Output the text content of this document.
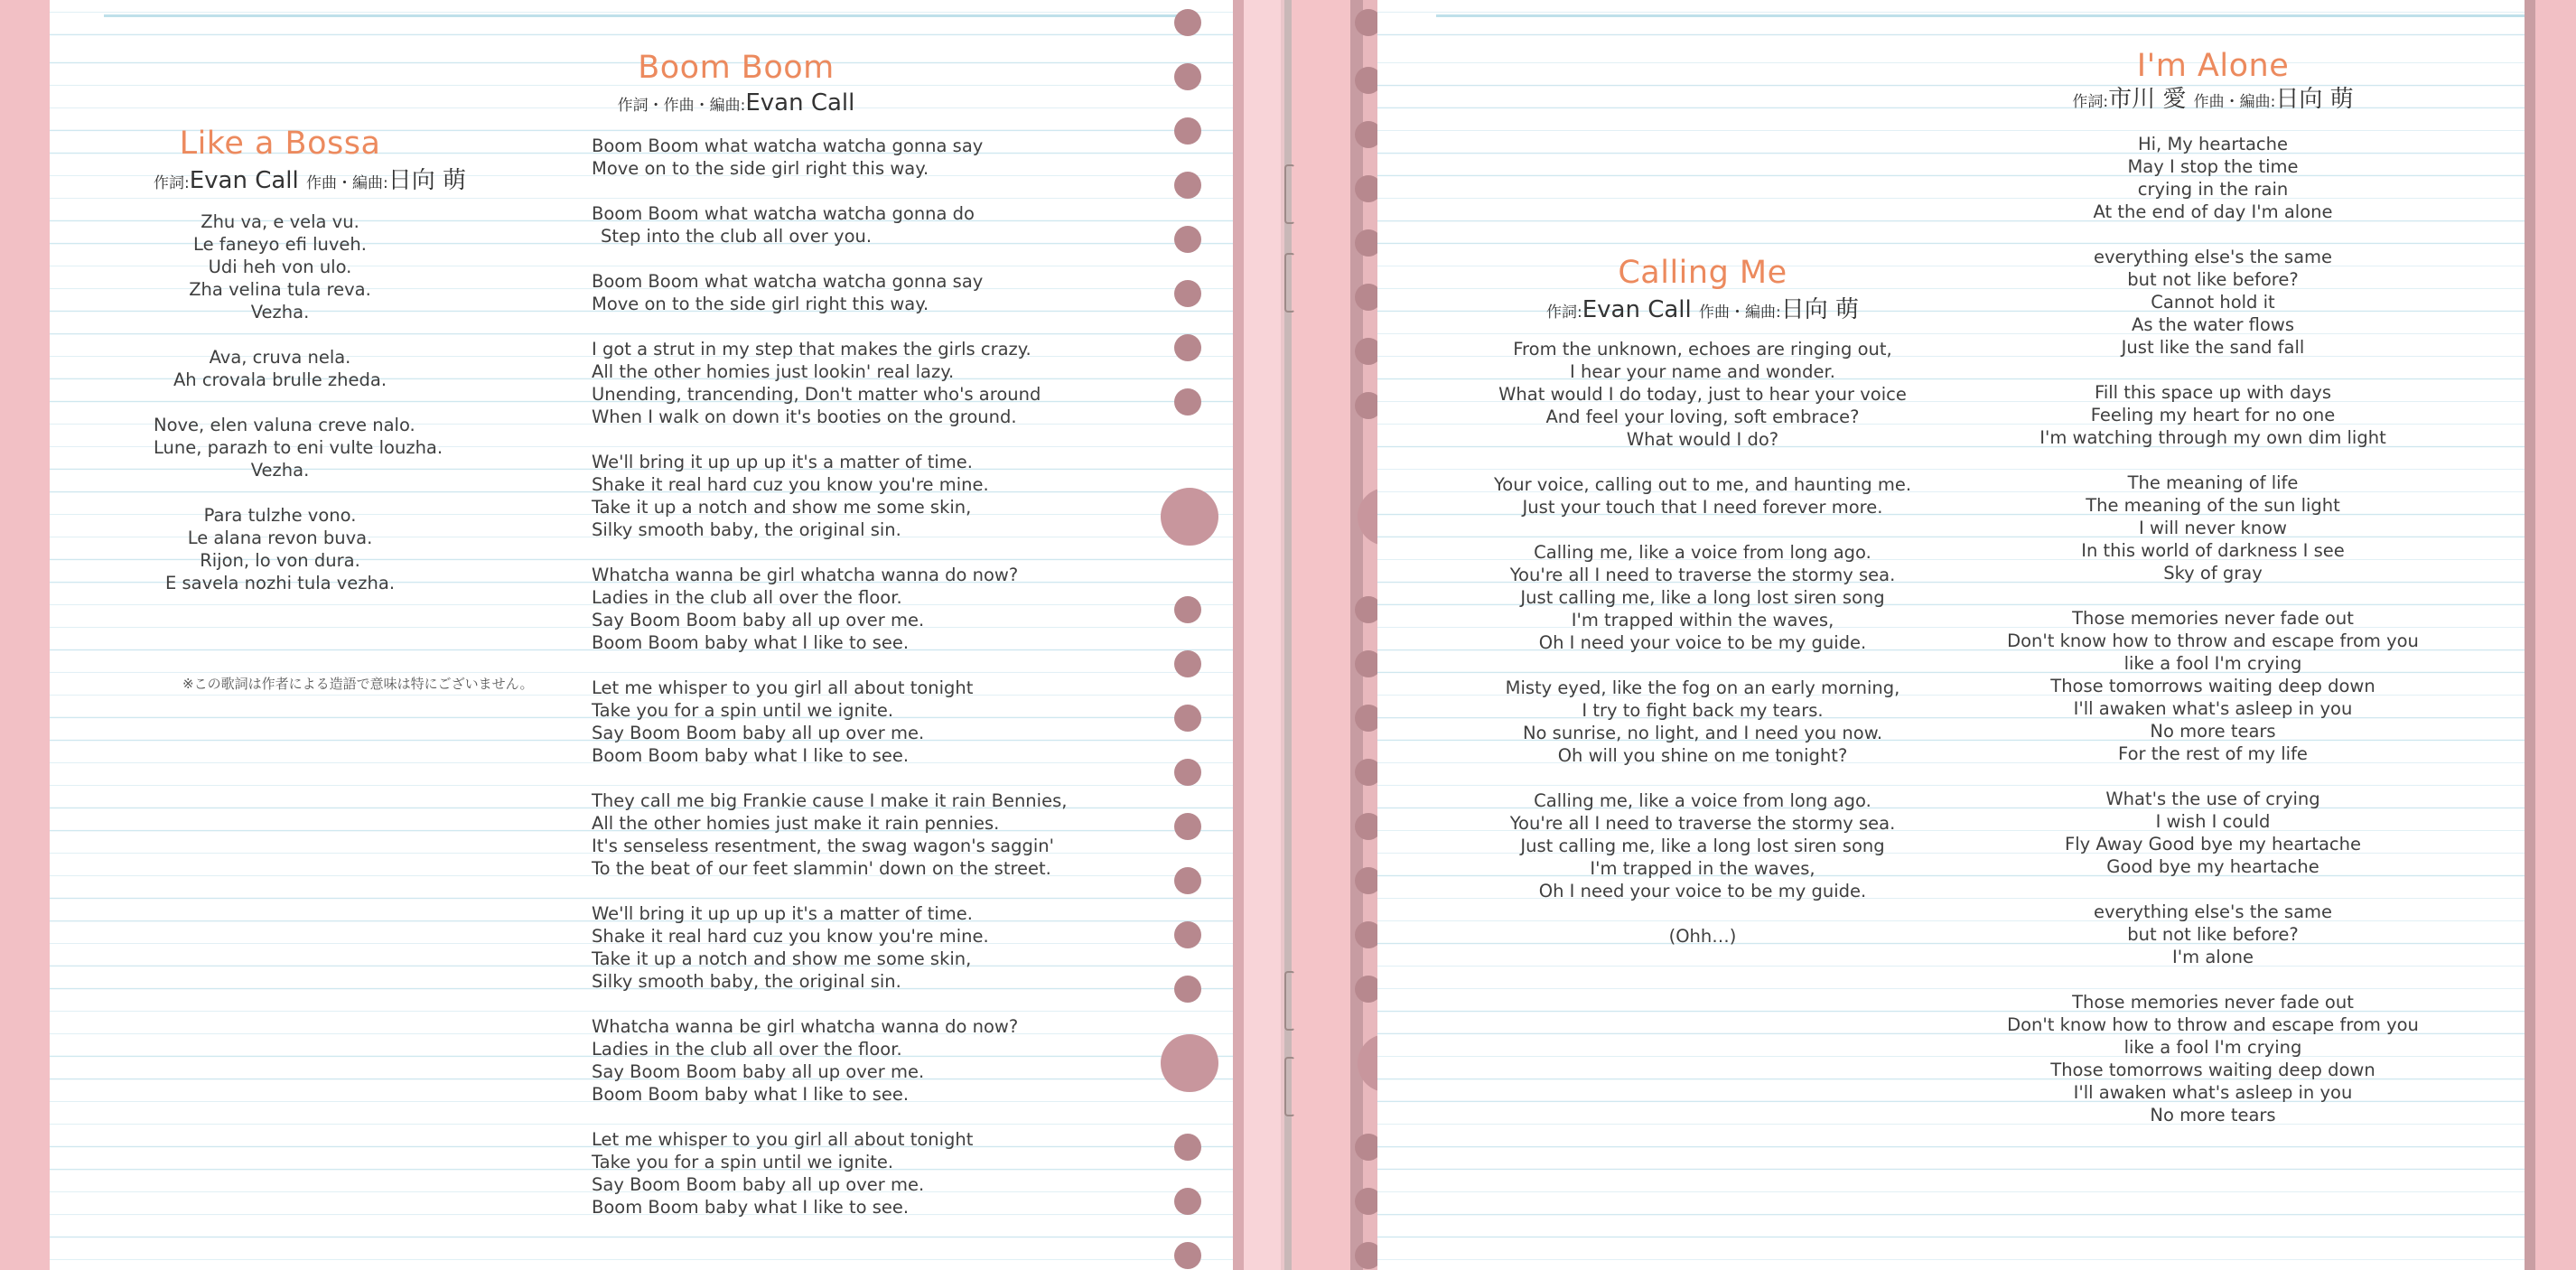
Like a Bossa
作詞:Evan Call 作曲・編曲:日向 萌
Zhu va, e vela vu.
Le faneyo efi luveh.
Udi heh von ulo.
Zha velina tula reva.
Vezha.
Ava, cruva nela.
Ah crovala brulle zheda.
Nove, elen valuna creve nalo.
Lune, parazh to eni vulte louzha.
Vezha.
Para tulzhe vono.
Le alana revon buva.
Rijon, lo von dura.
E savela nozhi tula vezha.
※この歌詞は作者による造語で意味は特にございません。
Boom Boom
作詞・作曲・編曲:Evan Call
Boom Boom what watcha watcha gonna say
Move on to the side girl right this way.
Boom Boom what watcha watcha gonna do
Step into the club all over you.
Boom Boom what watcha watcha gonna say
Move on to the side girl right this way.
I got a strut in my step that makes the girls crazy.
All the other homies just lookin' real lazy.
Unending, trancending, Don't matter who's around
When I walk on down it's booties on the ground.
We'll bring it up up up it's a matter of time.
Shake it real hard cuz you know you're mine.
Take it up a notch and show me some skin,
Silky smooth baby, the original sin.
Whatcha wanna be girl whatcha wanna do now?
Ladies in the club all over the floor.
Say Boom Boom baby all up over me.
Boom Boom baby what I like to see.
Let me whisper to you girl all about tonight
Take you for a spin until we ignite.
Say Boom Boom baby all up over me.
Boom Boom baby what I like to see.
They call me big Frankie cause I make it rain Bennies,
All the other homies just make it rain pennies.
It's senseless resentment, the swag wagon's saggin'
To the beat of our feet slammin' down on the street.
We'll bring it up up up it's a matter of time.
Shake it real hard cuz you know you're mine.
Take it up a notch and show me some skin,
Silky smooth baby, the original sin.
Whatcha wanna be girl whatcha wanna do now?
Ladies in the club all over the floor.
Say Boom Boom baby all up over me.
Boom Boom baby what I like to see.
Let me whisper to you girl all about tonight
Take you for a spin until we ignite.
Say Boom Boom baby all up over me.
Boom Boom baby what I like to see.
Calling Me
作詞:Evan Call 作曲・編曲:日向 萌
From the unknown, echoes are ringing out,
I hear your name and wonder.
What would I do today, just to hear your voice
And feel your loving, soft embrace?
What would I do?
Your voice, calling out to me, and haunting me.
Just your touch that I need forever more.
Calling me, like a voice from long ago.
You're all I need to traverse the stormy sea.
Just calling me, like a long lost siren song
I'm trapped within the waves,
Oh I need your voice to be my guide.
Misty eyed, like the fog on an early morning,
I try to fight back my tears.
No sunrise, no light, and I need you now.
Oh will you shine on me tonight?
Calling me, like a voice from long ago.
You're all I need to traverse the stormy sea.
Just calling me, like a long lost siren song
I'm trapped in the waves,
Oh I need your voice to be my guide.
(Ohh…)
I'm Alone
作詞:市川 愛 作曲・編曲:日向 萌
Hi, My heartache
May I stop the time
crying in the rain
At the end of day I'm alone
everything else's the same
but not like before?
Cannot hold it
As the water flows
Just like the sand fall
Fill this space up with days
Feeling my heart for no one
I'm watching through my own dim light
The meaning of life
The meaning of the sun light
I will never know
In this world of darkness I see
Sky of gray
Those memories never fade out
Don't know how to throw and escape from you
like a fool I'm crying
Those tomorrows waiting deep down
I'll awaken what's asleep in you
No more tears
For the rest of my life
What's the use of crying
I wish I could
Fly Away Good bye my heartache
Good bye my heartache
everything else's the same
but not like before?
I'm alone
Those memories never fade out
Don't know how to throw and escape from you
like a fool I'm crying
Those tomorrows waiting deep down
I'll awaken what's asleep in you
No more tears
